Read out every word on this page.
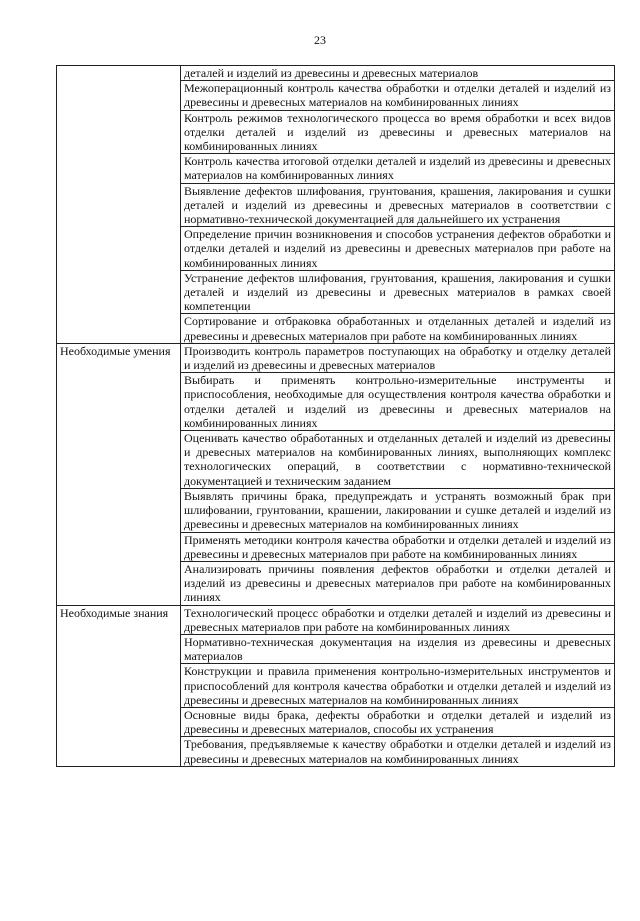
23
	деталей и изделий из древесины и древесных материалов
	Межоперационный контроль качества обработки и отделки деталей и изделий из древесины и древесных материалов на комбинированных линиях
	Контроль режимов технологического процесса во время обработки и всех видов отделки деталей и изделий из древесины и древесных материалов на комбинированных линиях
	Контроль качества итоговой отделки деталей и изделий из древесины и древесных материалов на комбинированных линиях
	Выявление дефектов шлифования, грунтования, крашения, лакирования и сушки деталей и изделий из древесины и древесных материалов в соответствии с нормативно-технической документацией для дальнейшего их устранения
	Определение причин возникновения и способов устранения дефектов обработки и отделки деталей и изделий из древесины и древесных материалов при работе на комбинированных линиях
	Устранение дефектов шлифования, грунтования, крашения, лакирования и сушки деталей и изделий из древесины и древесных материалов в рамках своей компетенции
	Сортирование и отбраковка обработанных и отделанных деталей и изделий из древесины и древесных материалов при работе на комбинированных линиях
Необходимые умения	Производить контроль параметров поступающих на обработку и отделку деталей и изделий из древесины и древесных материалов
	Выбирать и применять контрольно-измерительные инструменты и приспособления, необходимые для осуществления контроля качества обработки и отделки деталей и изделий из древесины и древесных материалов на комбинированных линиях
	Оценивать качество обработанных и отделанных деталей и изделий из древесины и древесных материалов на комбинированных линиях, выполняющих комплекс технологических операций, в соответствии с нормативно-технической документацией и техническим заданием
	Выявлять причины брака, предупреждать и устранять возможный брак при шлифовании, грунтовании, крашении, лакировании и сушке деталей и изделий из древесины и древесных материалов на комбинированных линиях
	Применять методики контроля качества обработки и отделки деталей и изделий из древесины и древесных материалов при работе на комбинированных линиях
	Анализировать причины появления дефектов обработки и отделки деталей и изделий из древесины и древесных материалов при работе на комбинированных линиях
Необходимые знания	Технологический процесс обработки и отделки деталей и изделий из древесины и древесных материалов при работе на комбинированных линиях
	Нормативно-техническая документация на изделия из древесины и древесных материалов
	Конструкции и правила применения контрольно-измерительных инструментов и приспособлений для контроля качества обработки и отделки деталей и изделий из древесины и древесных материалов на комбинированных линиях
	Основные виды брака, дефекты обработки и отделки деталей и изделий из древесины и древесных материалов, способы их устранения
	Требования, предъявляемые к качеству обработки и отделки деталей и изделий из древесины и древесных материалов на комбинированных линиях
